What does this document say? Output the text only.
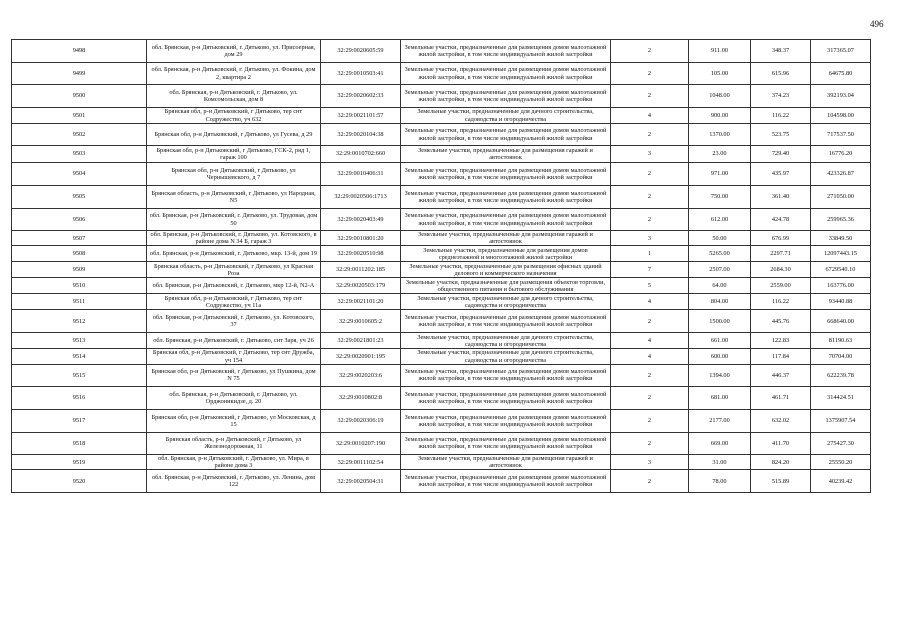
496
9498	обл. Брянская, р-н Дятьковский, г. Дятьково, ул. Присоерная, дом 29	32:29:0020605:59	Земельные участки, предназначенные для размещения домов малоэтажной жилой застройки, в том числе индивидуальной жилой застройки	2	911.00	348.37	317365.07
9499	обл. Брянская, р-н Дятьковский, г. Дятьково, ул. Фокина, дом 2, квартира 2	32:29:0010503:41	Земельные участки, предназначенные для размещения домов малоэтажной жилой застройки, в том числе индивидуальной жилой застройки	2	105.00	615.96	64675.80
9500	обл. Брянская, р-н Дятьковский, г. Дятьково, ул. Комсомольская, дом 8	32:29:0020602:33	Земельные участки, предназначенные для размещения домов малоэтажной жилой застройки, в том числе индивидуальной жилой застройки	2	1048.00	374.23	392193.04
9501	Брянская обл, р-н Дятьковский, г Дятьково, тер снт Содружество, уч 632	32:29:0021101:57	Земельные участки, предназначенные для дачного строительства, садоводства и огородничества	4	900.00	116.22	104598.00
9502	Брянская обл, р-н Дятьковский, г Дятьково, ул Гусева, д 29	32:29:0020104:38	Земельные участки, предназначенные для размещения домов малоэтажной жилой застройки, в том числе индивидуальной жилой застройки	2	1370.00	523.75	717537.50
9503	Брянская обл, р-н Дятьковский, г Дятьково, ГСК-2, ряд 1, гараж 100	32:29:0010702:660	Земельные участки, предназначенные для размещения гаражей и автостоянок	3	23.00	729.40	16776.20
9504	Брянская обл, р-н Дятьковский, г Дятьково, ул Чернышевского, д 7	32:29:0010406:31	Земельные участки, предназначенные для размещения домов малоэтажной жилой застройки, в том числе индивидуальной жилой застройки	2	971.00	435.97	423326.87
9505	Брянская область, р-н Дятьковский, г Дятьково, ул Народная, N5	32:29:0020506:1713	Земельные участки, предназначенные для размещения домов малоэтажной жилой застройки, в том числе индивидуальной жилой застройки	2	750.00	361.40	271050.00
9506	обл. Брянская, р-н Дятьковский, г. Дятьково, ул. Трудовая, дом 50	32:29:0020403:49	Земельные участки, предназначенные для размещения домов малоэтажной жилой застройки, в том числе индивидуальной жилой застройки	2	612.00	424.78	259965.36
9507	обл. Брянская, р-н Дятьковский, г. Дятьково, ул. Котовского, в районе дома N 34 Б, гараж 3	32:29:0010801:20	Земельные участки, предназначенные для размещения гаражей и автостоянок	3	50.00	676.99	33849.50
9508	обл. Брянская, р-н Дятьковский, г. Дятьково, мкр. 13-й, дом 19	32:29:0020510:98	Земельные участки, предназначенные для размещения домов среднеэтажной и многоэтажной жилой застройки	1	5265.00	2297.71	12097443.15
9509	Брянская область, р-н Дятьковский, г Дятьково, ул Красная Роза	32:29:0011202:185	Земельные участки, предназначенные для размещения офисных зданий делового и коммерческого назначения	7	2507.00	2684.30	6729540.10
9510	обл. Брянская, р-н Дятьковский, г. Дятьково, мкр 12-й, N2-А	32:29:0020503:179	Земельные участки, предназначенные для размещения объектов торговли, общественного питания и бытового обслуживания	5	64.00	2559.00	163776.00
9511	Брянская обл, р-н Дятьковский, г Дятьково, тер снт Содружество, уч 11а	32:29:0021101:20	Земельные участки, предназначенные для дачного строительства, садоводства и огородничества	4	804.00	116.22	93440.88
9512	обл. Брянская, р-н Дятьковский, г. Дятьково, ул. Котовского, 37	32:29:0010605:2	Земельные участки, предназначенные для размещения домов малоэтажной жилой застройки, в том числе индивидуальной жилой застройки	2	1500.00	445.76	668640.00
9513	обл. Брянская, р-н Дятьковский, г. Дятьково, снт Заря, уч 26	32:29:0021801:23	Земельные участки, предназначенные для дачного строительства, садоводства и огородничества	4	661.00	122.83	81190.63
9514	Брянская обл, р-н Дятьковский, г Дятьково, тер снт Дружба, уч 154	32:29:0020901:195	Земельные участки, предназначенные для дачного строительства, садоводства и огородничества	4	600.00	117.84	70704.00
9515	Брянская обл, р-н Дятьковский, г Дятьково, ул Пушкина, дом N 75	32:29:0020203:6	Земельные участки, предназначенные для размещения домов малоэтажной жилой застройки, в том числе индивидуальной жилой застройки	2	1394.00	446.37	622239.78
9516	обл. Брянская, р-н Дятьковский, г. Дятьково, ул. Орджоникидзе, д. 20	32:29:0010802:8	Земельные участки, предназначенные для размещения домов малоэтажной жилой застройки, в том числе индивидуальной жилой застройки	2	681.00	461.71	314424.51
9517	Брянская обл, р-н Дятьковский, г Дятьково, ул Московская, д 15	32:29:0020306:19	Земельные участки, предназначенные для размещения домов малоэтажной жилой застройки, в том числе индивидуальной жилой застройки	2	2177.00	632.02	1375907.54
9518	Брянская область, р-н Дятьковский, г Дятьково, ул Железнодорожная, 11	32:29:0010207:190	Земельные участки, предназначенные для размещения домов малоэтажной жилой застройки, в том числе индивидуальной жилой застройки	2	669.00	411.70	275427.30
9519	обл. Брянская, р-н Дятьковский, г. Дятьково, ул. Мира, в районе дома 3	32:29:0011102:54	Земельные участки, предназначенные для размещения гаражей и автостоянок	3	31.00	824.20	25550.20
9520	обл. Брянская, р-н Дятьковский, г. Дятьково, ул. Ленина, дом 122	32:29:0020504:31	Земельные участки, предназначенные для размещения домов малоэтажной жилой застройки, в том числе индивидуальной жилой застройки	2	78.00	515.89	40239.42
